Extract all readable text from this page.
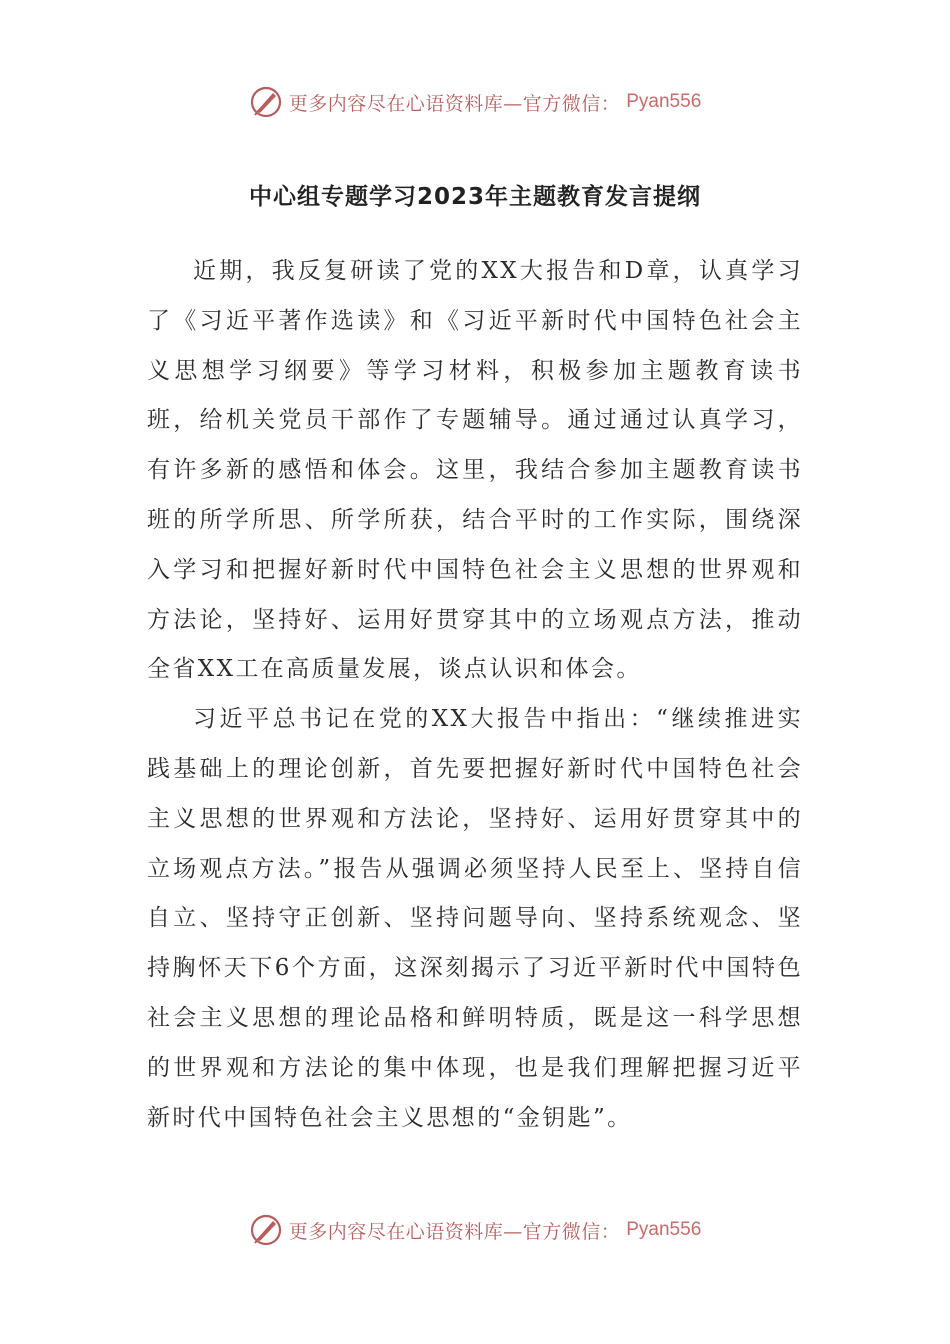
更多内容尽在心语资料库—官方微信： Pyan556
中心组专题学习2023年主题教育发言提纲

近期，我反复研读了党的XX大报告和D章，认真学习了《习近平著作选读》和《习近平新时代中国特色社会主义思想学习纲要》等学习材料，积极参加主题教育读书班，给机关党员干部作了专题辅导。通过通过认真学习，有许多新的感悟和体会。这里，我结合参加主题教育读书班的所学所思、所学所获，结合平时的工作实际，围绕深入学习和把握好新时代中国特色社会主义思想的世界观和方法论，坚持好、运用好贯穿其中的立场观点方法，推动全省XX工在高质量发展，谈点认识和体会。

习近平总书记在党的XX大报告中指出：“继续推进实践基础上的理论创新，首先要把握好新时代中国特色社会主义思想的世界观和方法论，坚持好、运用好贯穿其中的立场观点方法。”报告从强调必须坚持人民至上、坚持自信自立、坚持守正创新、坚持问题导向、坚持系统观念、坚持胸怀天下6个方面，这深刻揭示了习近平新时代中国特色社会主义思想的理论品格和鲜明特质，既是这一科学思想的世界观和方法论的集中体现，也是我们理解把握习近平新时代中国特色社会主义思想的“金钥匙”。

更多内容尽在心语资料库—官方微信： Pyan556
